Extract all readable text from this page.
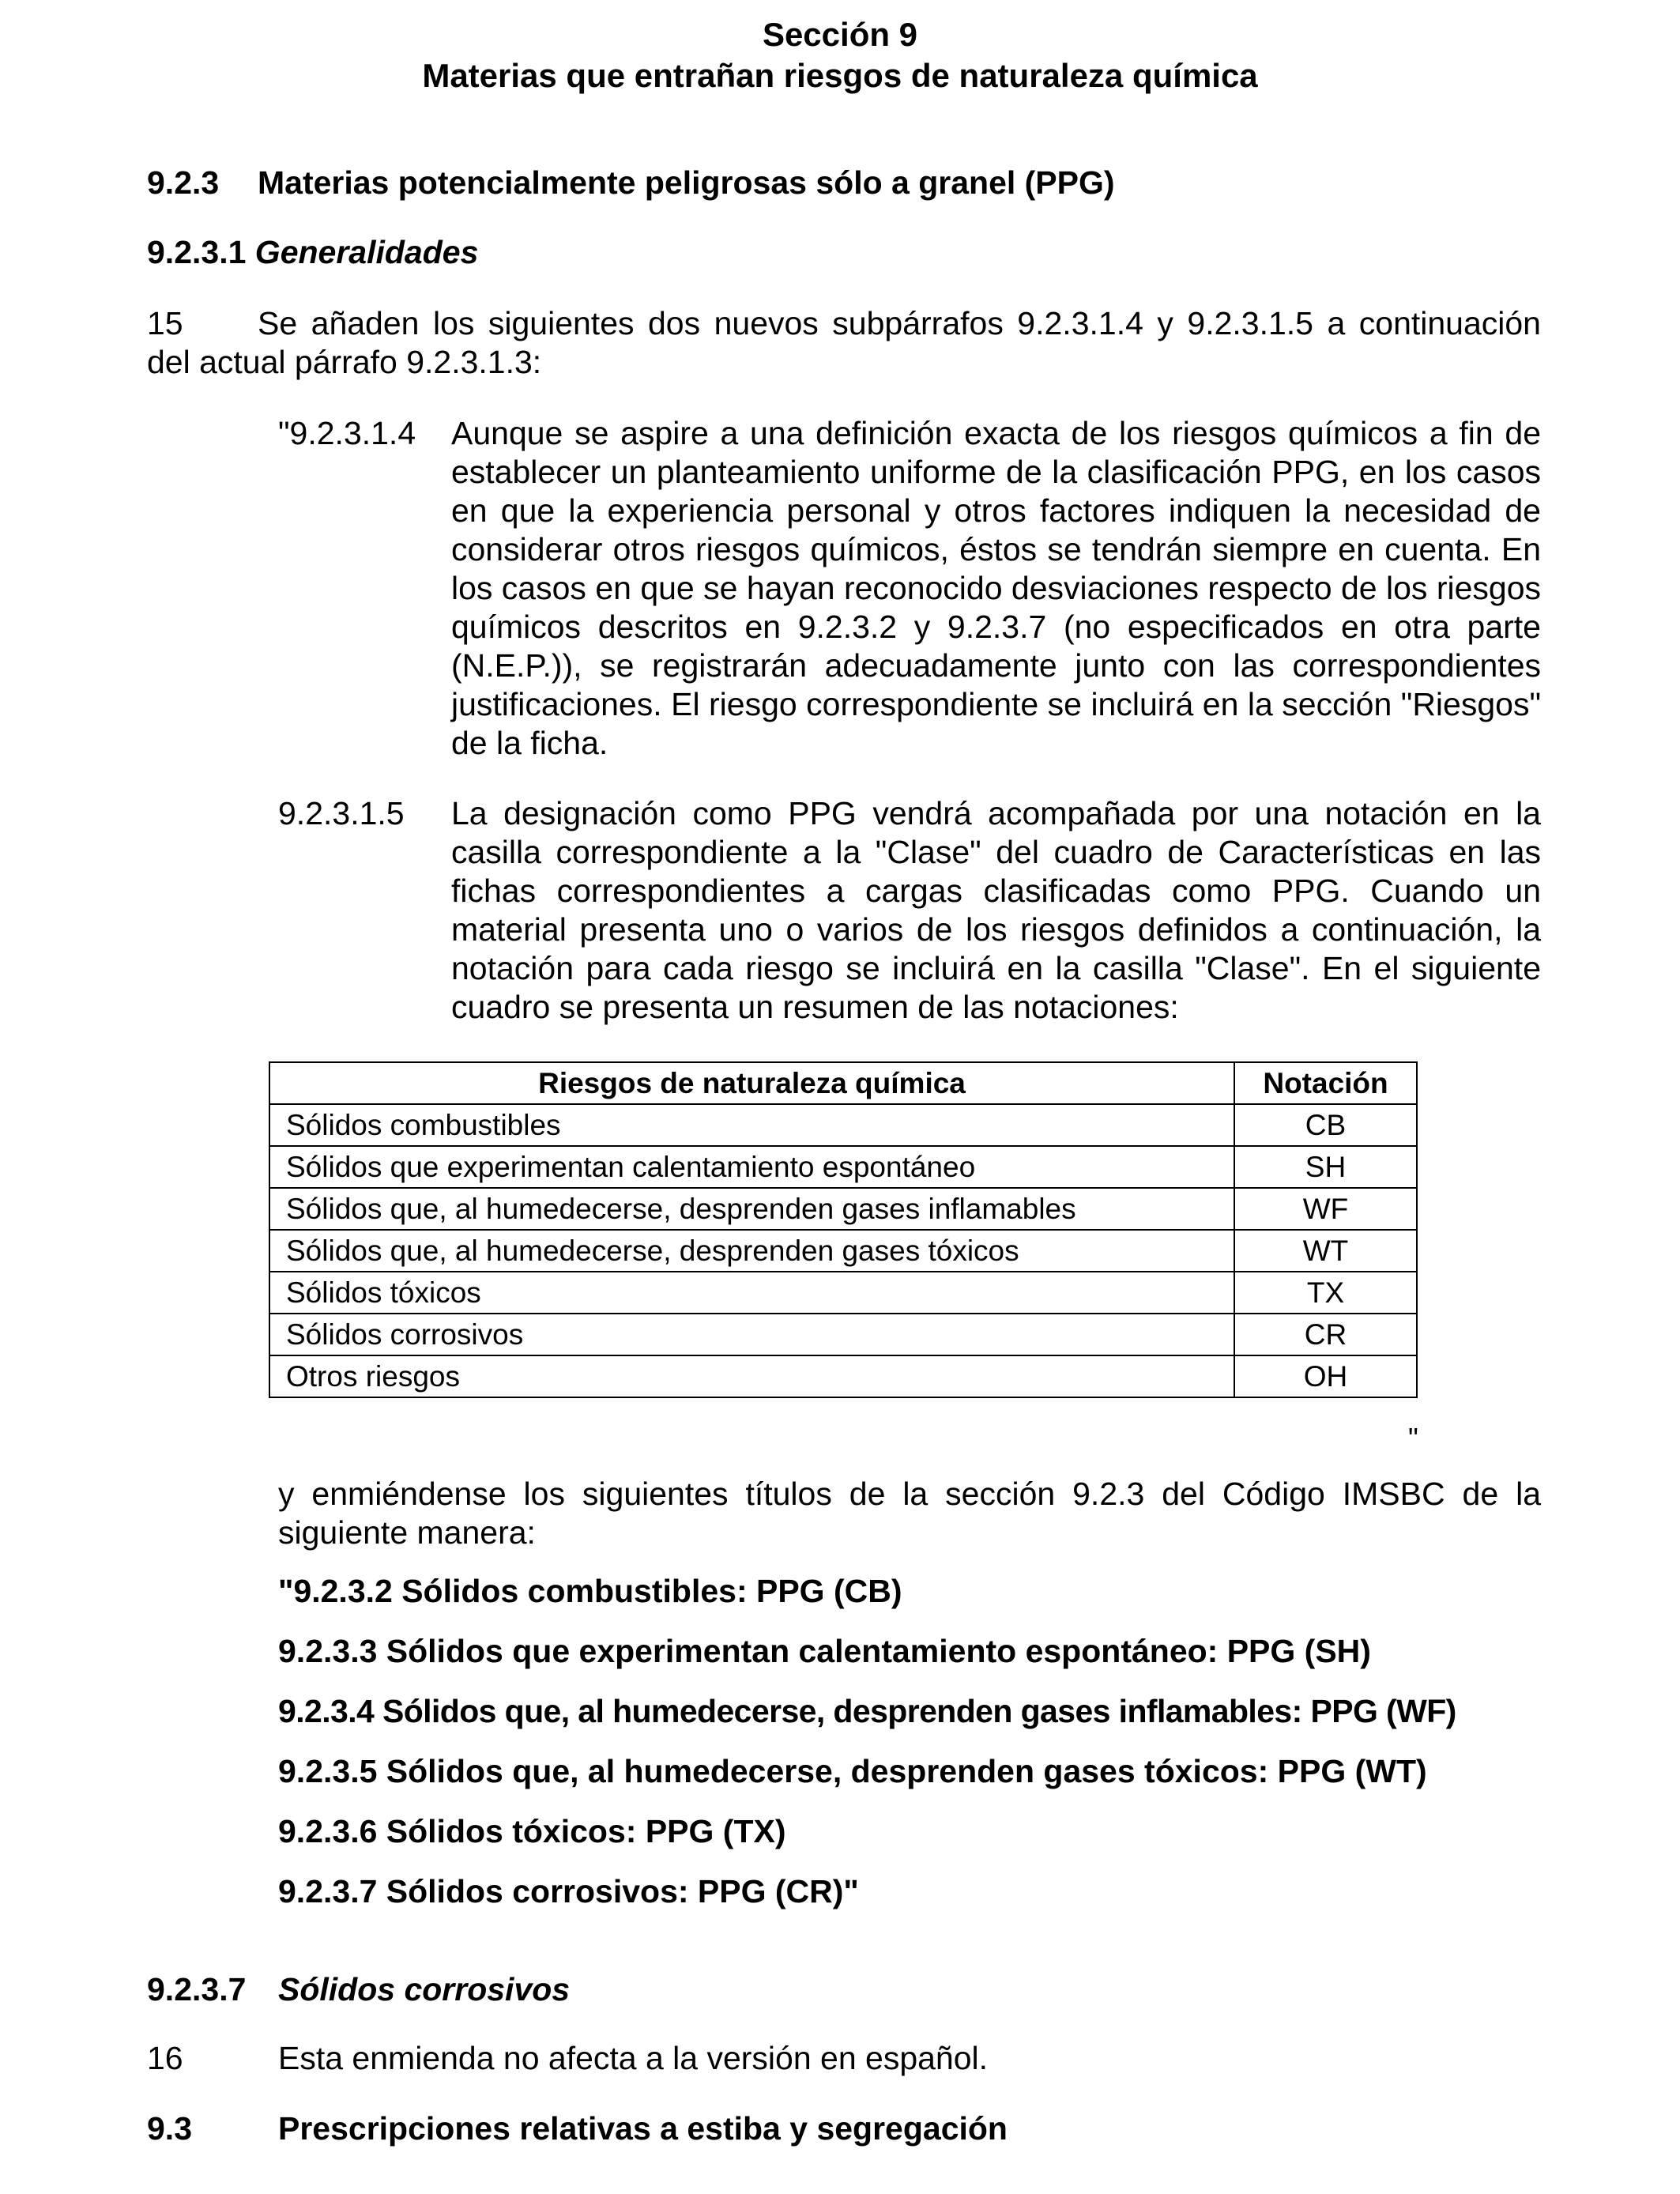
Sección 9
Materias que entrañan riesgos de naturaleza química
9.2.3 Materias potencialmente peligrosas sólo a granel (PPG)
9.2.3.1 Generalidades
15 Se añaden los siguientes dos nuevos subpárrafos 9.2.3.1.4 y 9.2.3.1.5 a continuación
del actual párrafo 9.2.3.1.3:
"9.2.3.1.4 Aunque se aspire a una definición exacta de los riesgos químicos a fin de establecer un planteamiento uniforme de la clasificación PPG, en los casos en que la experiencia personal y otros factores indiquen la necesidad de considerar otros riesgos químicos, éstos se tendrán siempre en cuenta. En los casos en que se hayan reconocido desviaciones respecto de los riesgos químicos descritos en 9.2.3.2 y 9.2.3.7 (no especificados en otra parte (N.E.P.)), se registrarán adecuadamente junto con las correspondientes justificaciones. El riesgo correspondiente se incluirá en la sección "Riesgos" de la ficha.
9.2.3.1.5 La designación como PPG vendrá acompañada por una notación en la casilla correspondiente a la "Clase" del cuadro de Características en las fichas correspondientes a cargas clasificadas como PPG. Cuando un material presenta uno o varios de los riesgos definidos a continuación, la notación para cada riesgo se incluirá en la casilla "Clase". En el siguiente cuadro se presenta un resumen de las notaciones:
Riesgos de naturaleza química	Notación
Sólidos combustibles	CB
Sólidos que experimentan calentamiento espontáneo	SH
Sólidos que, al humedecerse, desprenden gases inflamables	WF
Sólidos que, al humedecerse, desprenden gases tóxicos	WT
Sólidos tóxicos	TX
Sólidos corrosivos	CR
Otros riesgos	OH
"
y enmiéndense los siguientes títulos de la sección 9.2.3 del Código IMSBC de la siguiente manera:
"9.2.3.2 Sólidos combustibles: PPG (CB)
9.2.3.3 Sólidos que experimentan calentamiento espontáneo: PPG (SH)
9.2.3.4 Sólidos que, al humedecerse, desprenden gases inflamables: PPG (WF)
9.2.3.5 Sólidos que, al humedecerse, desprenden gases tóxicos: PPG (WT)
9.2.3.6 Sólidos tóxicos: PPG (TX)
9.2.3.7 Sólidos corrosivos: PPG (CR)"
9.2.3.7 Sólidos corrosivos
16	Esta enmienda no afecta a la versión en español.
9.3	Prescripciones relativas a estiba y segregación
